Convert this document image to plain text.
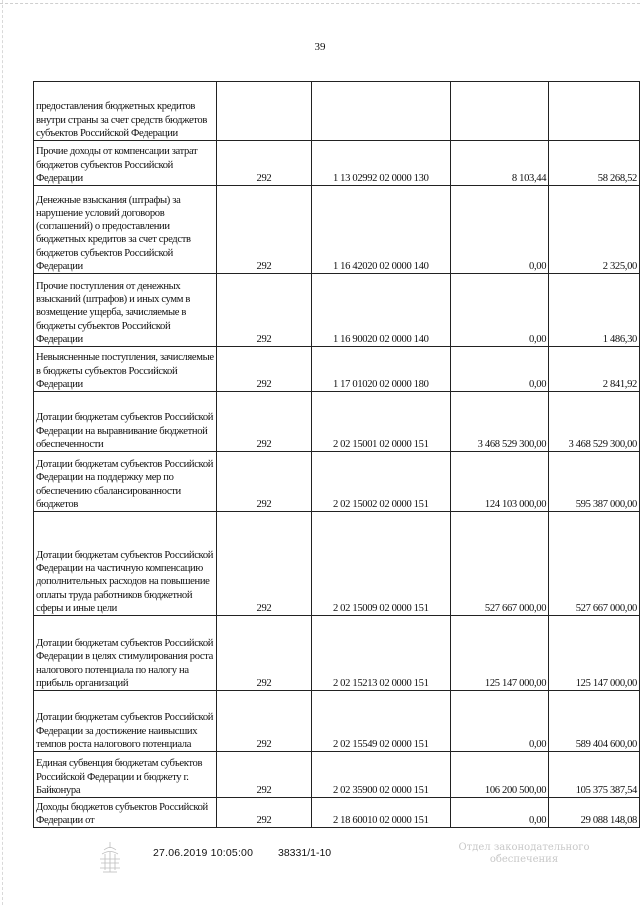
39
предоставления бюджетных кредитов внутри страны за счет средств бюджетов субъектов Российской Федерации				

Прочие доходы от компенсации затрат бюджетов субъектов Российской Федерации	292	1 13 02992 02 0000 130	8 103,44	58 268,52

Денежные взыскания (штрафы) за нарушение условий договоров (соглашений) о предоставлении бюджетных кредитов за счет средств бюджетов субъектов Российской Федерации	292	1 16 42020 02 0000 140	0,00	2 325,00

Прочие поступления от денежных взысканий (штрафов) и иных сумм в возмещение ущерба, зачисляемые в бюджеты субъектов Российской Федерации	292	1 16 90020 02 0000 140	0,00	1 486,30

Невыясненные поступления, зачисляемые в бюджеты субъектов Российской Федерации	292	1 17 01020 02 0000 180	0,00	2 841,92

Дотации бюджетам субъектов Российской Федерации на выравнивание бюджетной обеспеченности	292	2 02 15001 02 0000 151	3 468 529 300,00	3 468 529 300,00

Дотации бюджетам субъектов Российской Федерации на поддержку мер по обеспечению сбалансированности бюджетов	292	2 02 15002 02 0000 151	124 103 000,00	595 387 000,00

Дотации бюджетам субъектов Российской Федерации на частичную компенсацию дополнительных расходов на повышение оплаты труда работников бюджетной сферы и иные цели	292	2 02 15009 02 0000 151	527 667 000,00	527 667 000,00

Дотации бюджетам субъектов Российской Федерации в целях стимулирования роста налогового потенциала по налогу на прибыль организаций	292	2 02 15213 02 0000 151	125 147 000,00	125 147 000,00

Дотации бюджетам субъектов Российской Федерации за достижение наивысших темпов роста налогового потенциала	292	2 02 15549 02 0000 151	0,00	589 404 600,00

Единая субвенция бюджетам субъектов Российской Федерации и бюджету г. Байконура	292	2 02 35900 02 0000 151	106 200 500,00	105 375 387,54

Доходы бюджетов субъектов Российской Федерации от	292	2 18 60010 02 0000 151	0,00	29 088 148,08
27.06.2019 10:05:00 38331/1-10	Отдел законодательного
обеспечения
